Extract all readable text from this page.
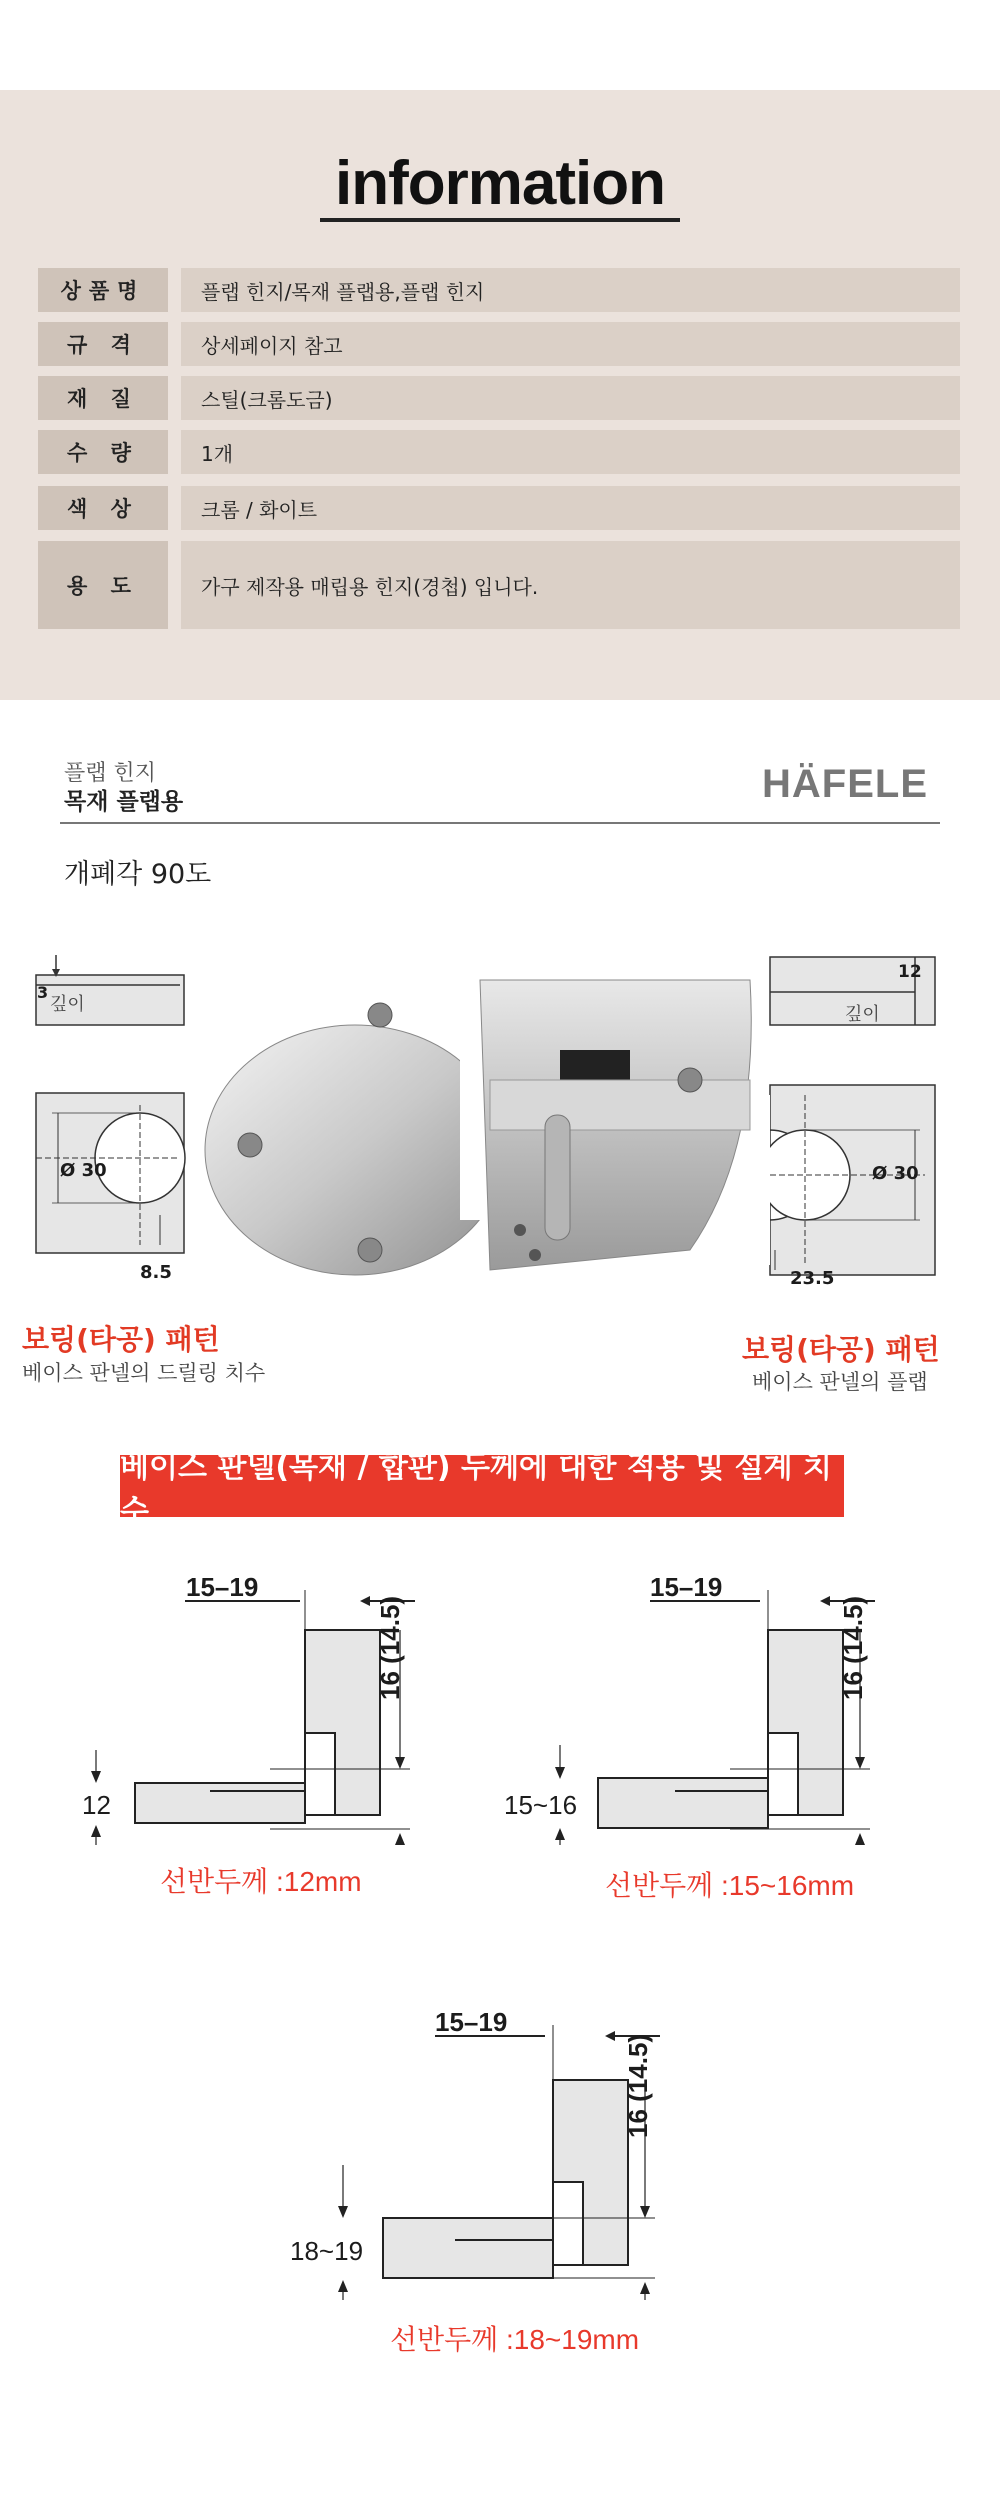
information
상품명	플랩 힌지/목재 플랩용,플랩 힌지
규 격	상세페이지 참고
재 질	스틸(크롬도금)
수 량	1개
색 상	크롬 / 화이트
용 도	가구 제작용 매립용 힌지(경첩) 입니다.
플랩 힌지
목재 플랩용	HÄFELE
개폐각 90도
3
깊이
Ø 30
8.5
12
깊이
Ø 30
23.5
보링(타공) 패턴
베이스 판넬의 드릴링 치수
보링(타공) 패턴
베이스 판넬의 플랩
베이스 판넬(목재 / 합판) 두께에 대한 적용 및 설계 치수
15–19
16 (14.5)
12
선반두께 :12mm
15–19
16 (14.5)
15~16
선반두께 :15~16mm
15–19
16 (14.5)
18~19
선반두께 :18~19mm
